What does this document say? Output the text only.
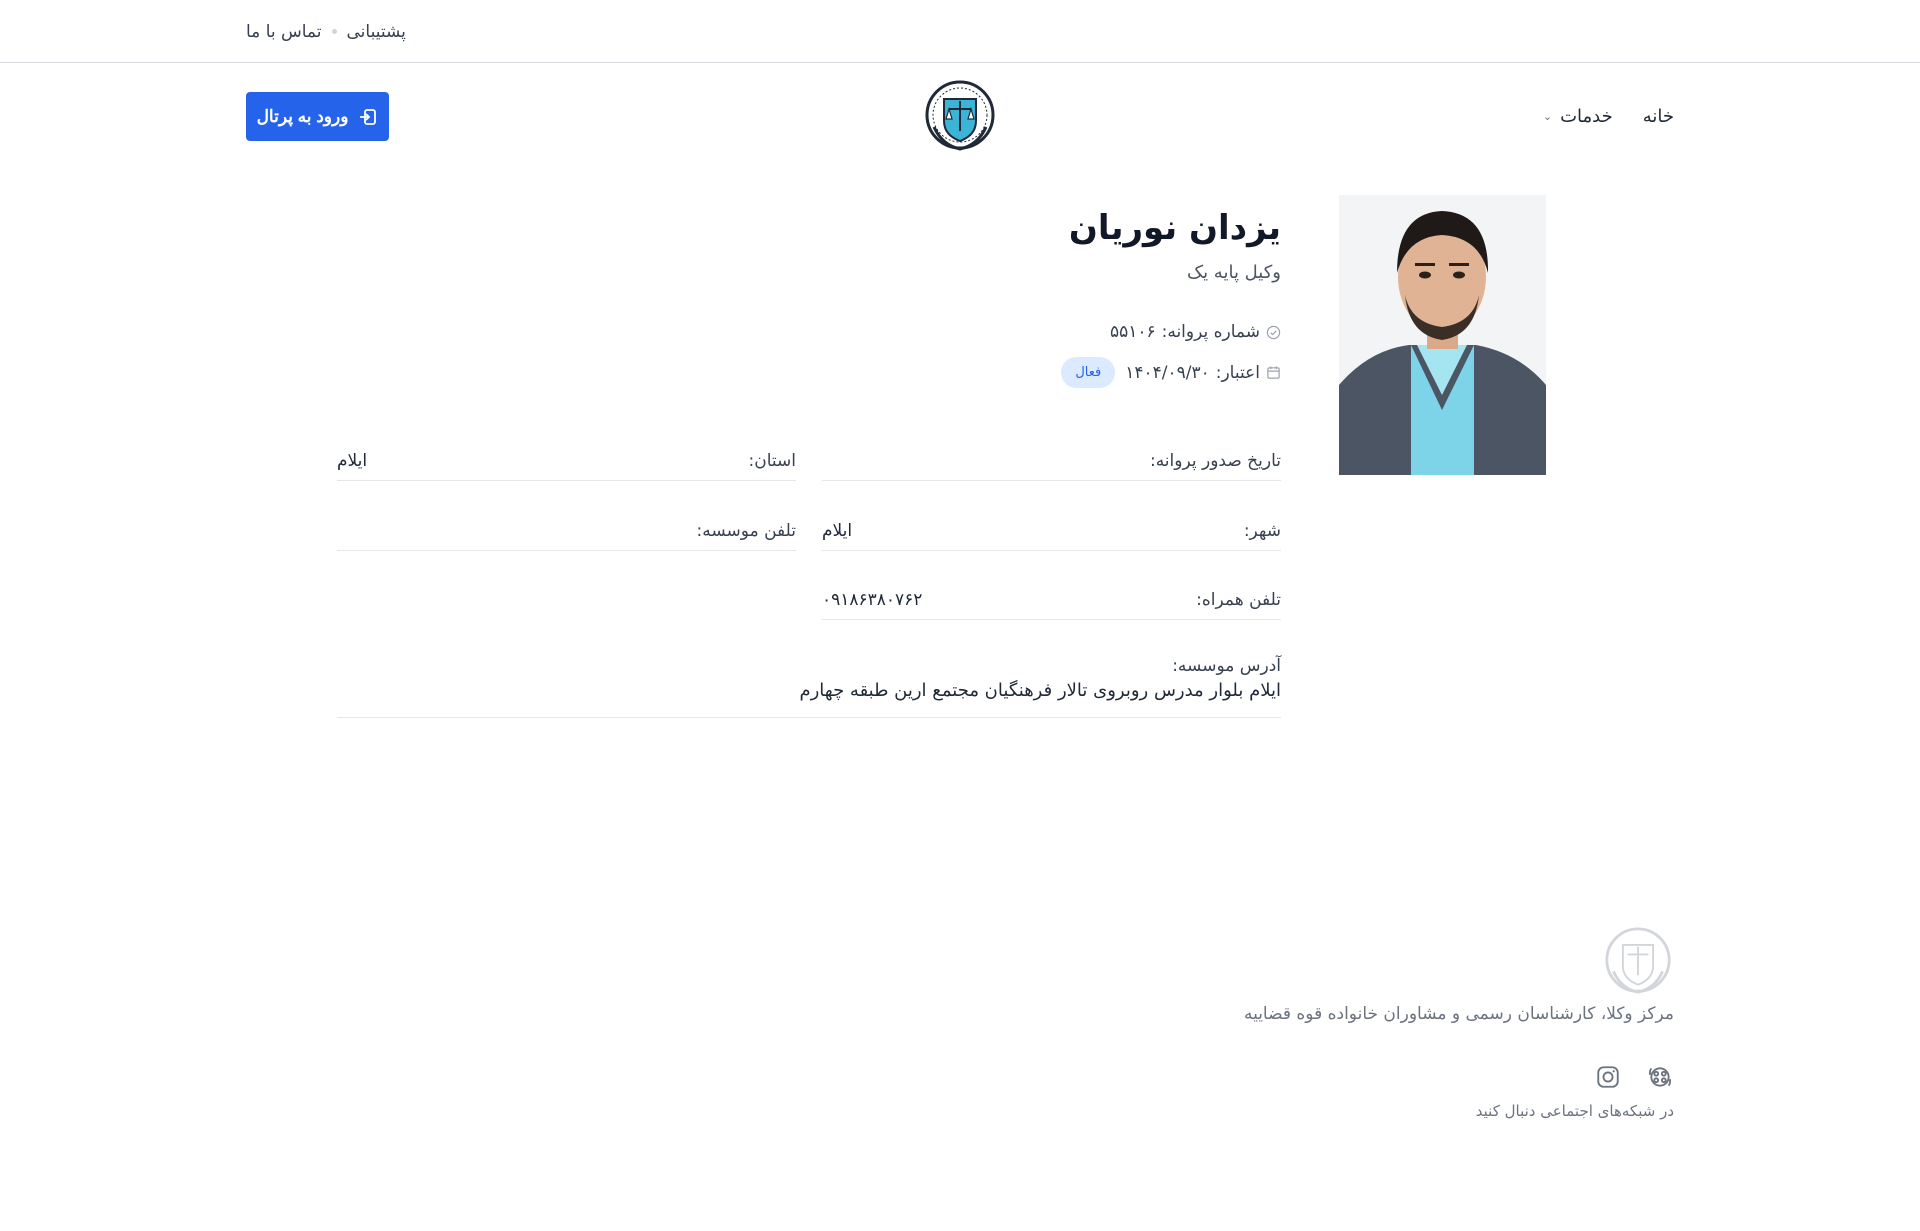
پشتیبانی
تماس با ما
خانه
خدمات
⌄
ورود به پرتال
یزدان نوریان
وکیل پایه یک
شماره پروانه:
۵۵۱۰۶
اعتبار:
۱۴۰۴/۰۹/۳۰
فعال
تاریخ صدور پروانه:
استان:
ایلام
شهر:
ایلام
تلفن موسسه:
تلفن همراه:
۰۹۱۸۶۳۸۰۷۶۲
آدرس موسسه:
ایلام بلوار مدرس روبروی تالار فرهنگیان مجتمع ارین طبقه چهارم
مرکز وکلا، کارشناسان رسمی و مشاوران خانواده قوه قضاییه
در شبکه‌های اجتماعی دنبال کنید
